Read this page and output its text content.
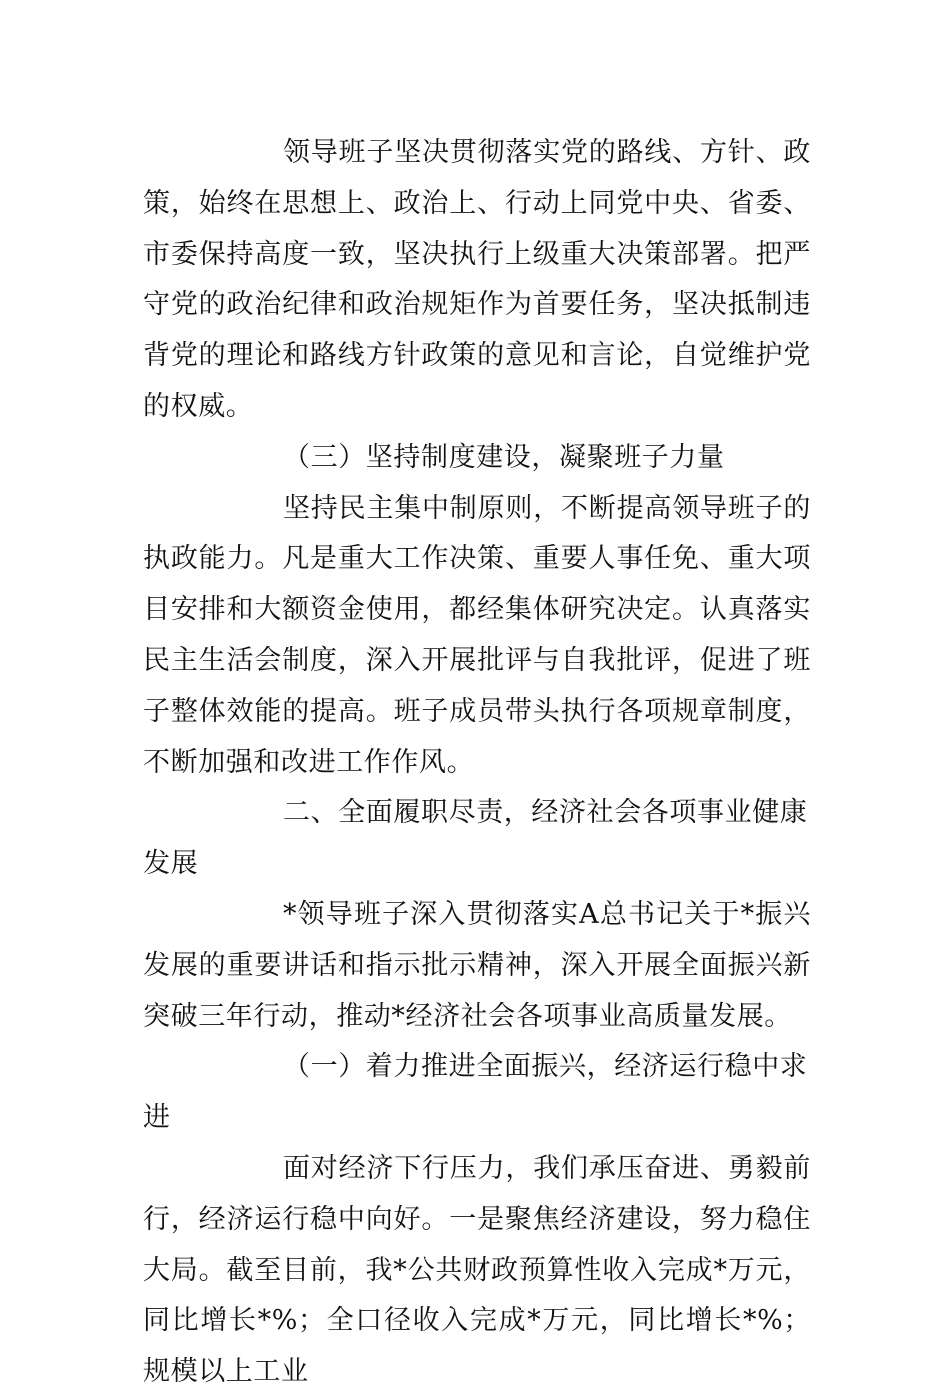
领导班子坚决贯彻落实党的路线、方针、政策，始终在思想上、政治上、行动上同党中央、省委、市委保持高度一致，坚决执行上级重大决策部署。把严守党的政治纪律和政治规矩作为首要任务，坚决抵制违背党的理论和路线方针政策的意见和言论，自觉维护党的权威。

（三）坚持制度建设，凝聚班子力量

坚持民主集中制原则，不断提高领导班子的执政能力。凡是重大工作决策、重要人事任免、重大项目安排和大额资金使用，都经集体研究决定。认真落实民主生活会制度，深入开展批评与自我批评，促进了班子整体效能的提高。班子成员带头执行各项规章制度，不断加强和改进工作作风。

二、全面履职尽责，经济社会各项事业健康发展

*领导班子深入贯彻落实A总书记关于*振兴发展的重要讲话和指示批示精神，深入开展全面振兴新突破三年行动，推动*经济社会各项事业高质量发展。

（一）着力推进全面振兴，经济运行稳中求进

面对经济下行压力，我们承压奋进、勇毅前行，经济运行稳中向好。一是聚焦经济建设，努力稳住大局。截至目前，我*公共财政预算性收入完成*万元，同比增长*%；全口径收入完成*万元，同比增长*%；规模以上工业
